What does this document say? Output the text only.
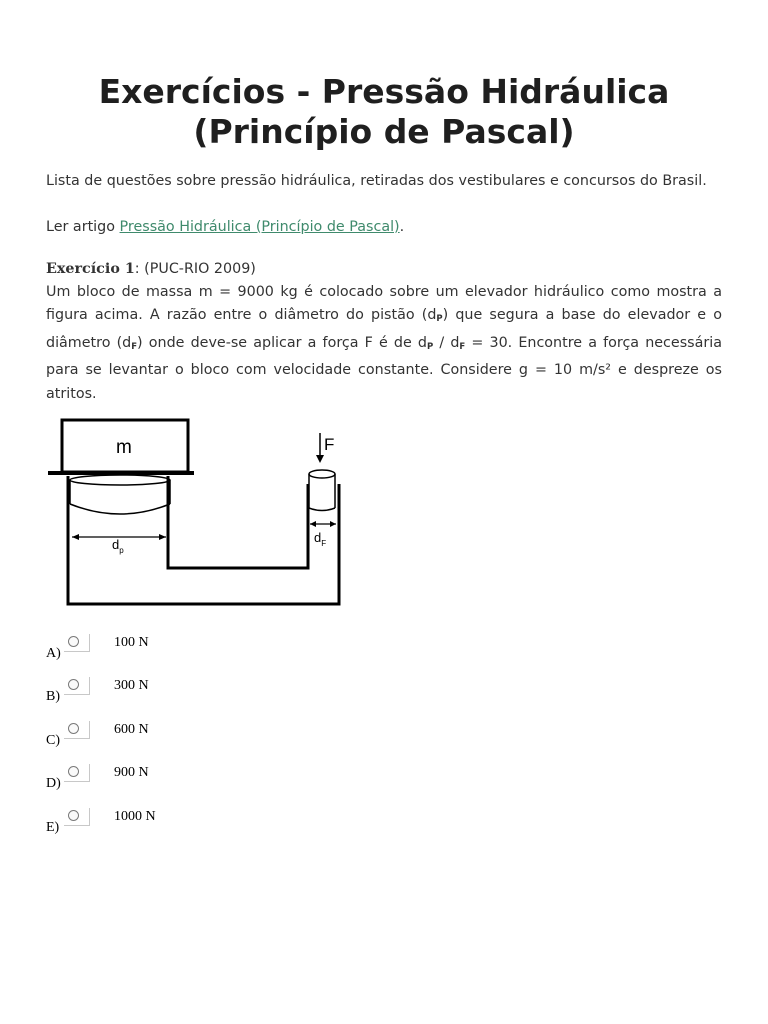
Exercícios - Pressão Hidráulica
(Princípio de Pascal)
Lista de questões sobre pressão hidráulica, retiradas dos vestibulares e concursos do Brasil.
Ler artigo Pressão Hidráulica (Princípio de Pascal).
Exercício 1: (PUC-RIO 2009)
Um bloco de massa m = 9000 kg é colocado sobre um elevador hidráulico como mostra a figura acima. A razão entre o diâmetro do pistão $(d_P)$ que segura a base do elevador e o diâmetro $(d_F)$ onde deve-se aplicar a força F é de $d_P / d_F = 30$. Encontre a força necessária para se levantar o bloco com velocidade constante. Considere g = 10 m/s² e despreze os atritos.
m
$d_p$
F
$d_F$
A)
100 N
B)
300 N
C)
600 N
D)
900 N
E)
1000 N
